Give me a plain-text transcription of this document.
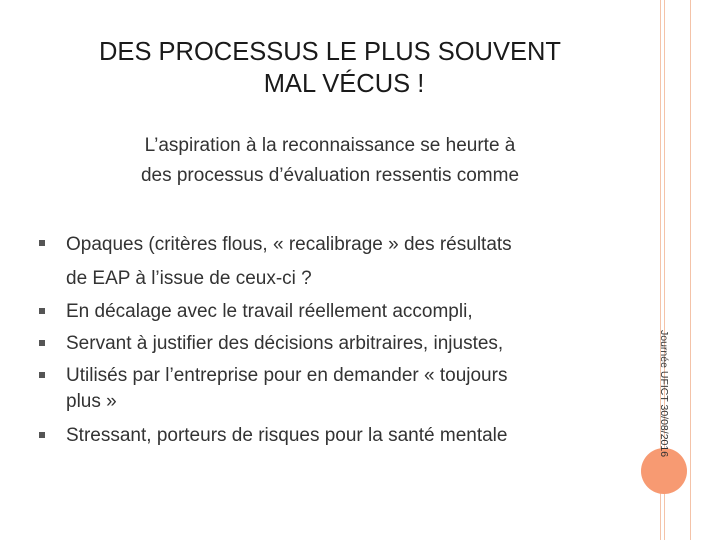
DES PROCESSUS LE PLUS SOUVENT

MAL VÉCUS !
L’aspiration à la reconnaissance se heurte à
des processus d’évaluation ressentis comme
Opaques (critères flous, « recalibrage » des résultats
de EAP à l’issue de ceux-ci ?
En décalage avec le travail réellement accompli,
Servant à justifier des décisions arbitraires, injustes,
Utilisés par l’entreprise pour en demander « toujours
plus »
Stressant, porteurs de risques pour la santé mentale	Journée UFICT 30/08/2016
